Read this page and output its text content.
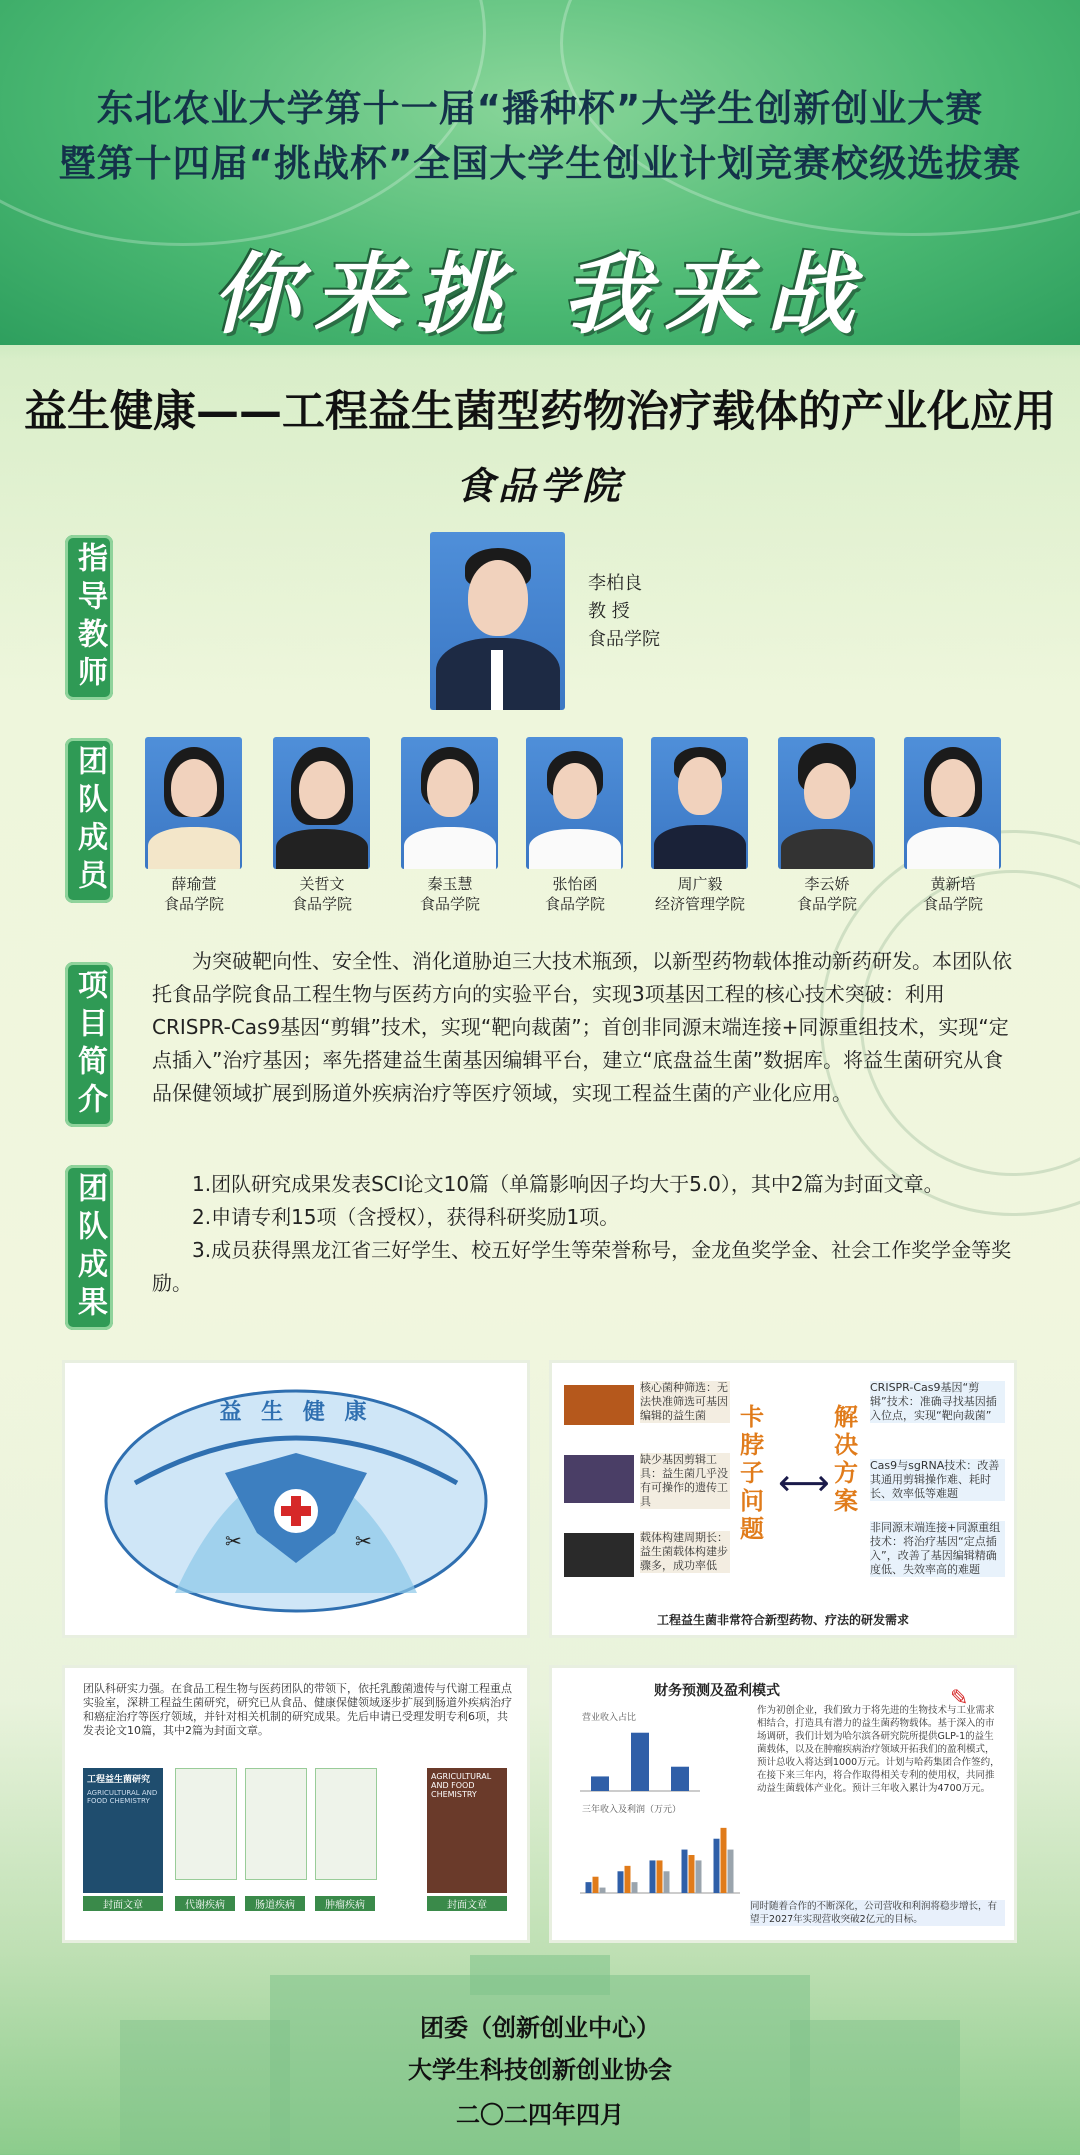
东北农业大学第十一届“播种杯”大学生创新创业大赛
暨第十四届“挑战杯”全国大学生创业计划竞赛校级选拔赛
你来挑 我来战
益生健康——工程益生菌型药物治疗载体的产业化应用
食品学院
指导教师	李柏良
教 授
食品学院
团队成员	薛瑜萱
食品学院
关哲文
食品学院
秦玉慧
食品学院
张怡函
食品学院
周广毅
经济管理学院
李云娇
食品学院
黄新培
食品学院
项目简介

为突破靶向性、安全性、消化道胁迫三大技术瓶颈，以新型药物载体推动新药研发。本团队依托食品学院食品工程生物与医药方向的实验平台，实现3项基因工程的核心技术突破：利用CRISPR-Cas9基因“剪辑”技术，实现“靶向裁菌”；首创非同源末端连接+同源重组技术，实现“定点插入”治疗基因；率先搭建益生菌基因编辑平台，建立“底盘益生菌”数据库。将益生菌研究从食品保健领域扩展到肠道外疾病治疗等医疗领域，实现工程益生菌的产业化应用。

团队成果	1.团队研究成果发表SCI论文10篇（单篇影响因子均大于5.0），其中2篇为封面文章。

2.申请专利15项（含授权），获得科研奖励1项。

3.成员获得黑龙江省三好学生、校五好学生等荣誉称号，金龙鱼奖学金、社会工作奖学金等奖励。

✂	✂
益 生 健 康
核心菌种筛选：无法快准筛选可基因编辑的益生菌
缺少基因剪辑工具：益生菌几乎没有可操作的遗传工具
载体构建周期长：益生菌载体构建步骤多，成功率低
卡脖子问题
⟷
解决方案
CRISPR-Cas9基因“剪辑”技术：准确寻找基因插入位点，实现“靶向裁菌”
Cas9与sgRNA技术：改善其通用剪辑操作难、耗时长、效率低等难题
非同源末端连接+同源重组技术：将治疗基因“定点插入”，改善了基因编辑精确度低、失效率高的难题
工程益生菌非常符合新型药物、疗法的研发需求
团队科研实力强。在食品工程生物与医药团队的带领下，依托乳酸菌遗传与代谢工程重点实验室，深耕工程益生菌研究，研究已从食品、健康保健领域逐步扩展到肠道外疾病治疗和癌症治疗等医疗领域，并针对相关机制的研究成果。先后申请已受理发明专利6项，共发表论文10篇，其中2篇为封面文章。
工程益生菌研究
AGRICULTURAL AND FOOD CHEMISTRY
AGRICULTURAL AND FOOD CHEMISTRY
封面文章	代谢疾病	肠道疾病	肿瘤疾病	封面文章
财务预测及盈利模式
营业收入占比
三年收入及利润（万元）
作为初创企业，我们致力于将先进的生物技术与工业需求相结合，打造具有潜力的益生菌药物载体。基于深入的市场调研，我们计划为哈尔滨各研究院所提供GLP-1的益生菌载体，以及在肿瘤疾病治疗领域开拓我们的盈利模式，预计总收入将达到1000万元。计划与哈药集团合作签约，在接下来三年内，将合作取得相关专利的使用权，共同推动益生菌载体产业化。预计三年收入累计为4700万元。
✎
同时随着合作的不断深化，公司营收和利润将稳步增长，有望于2027年实现营收突破2亿元的目标。
团委（创新创业中心）
大学生科技创新创业协会
二〇二四年四月
